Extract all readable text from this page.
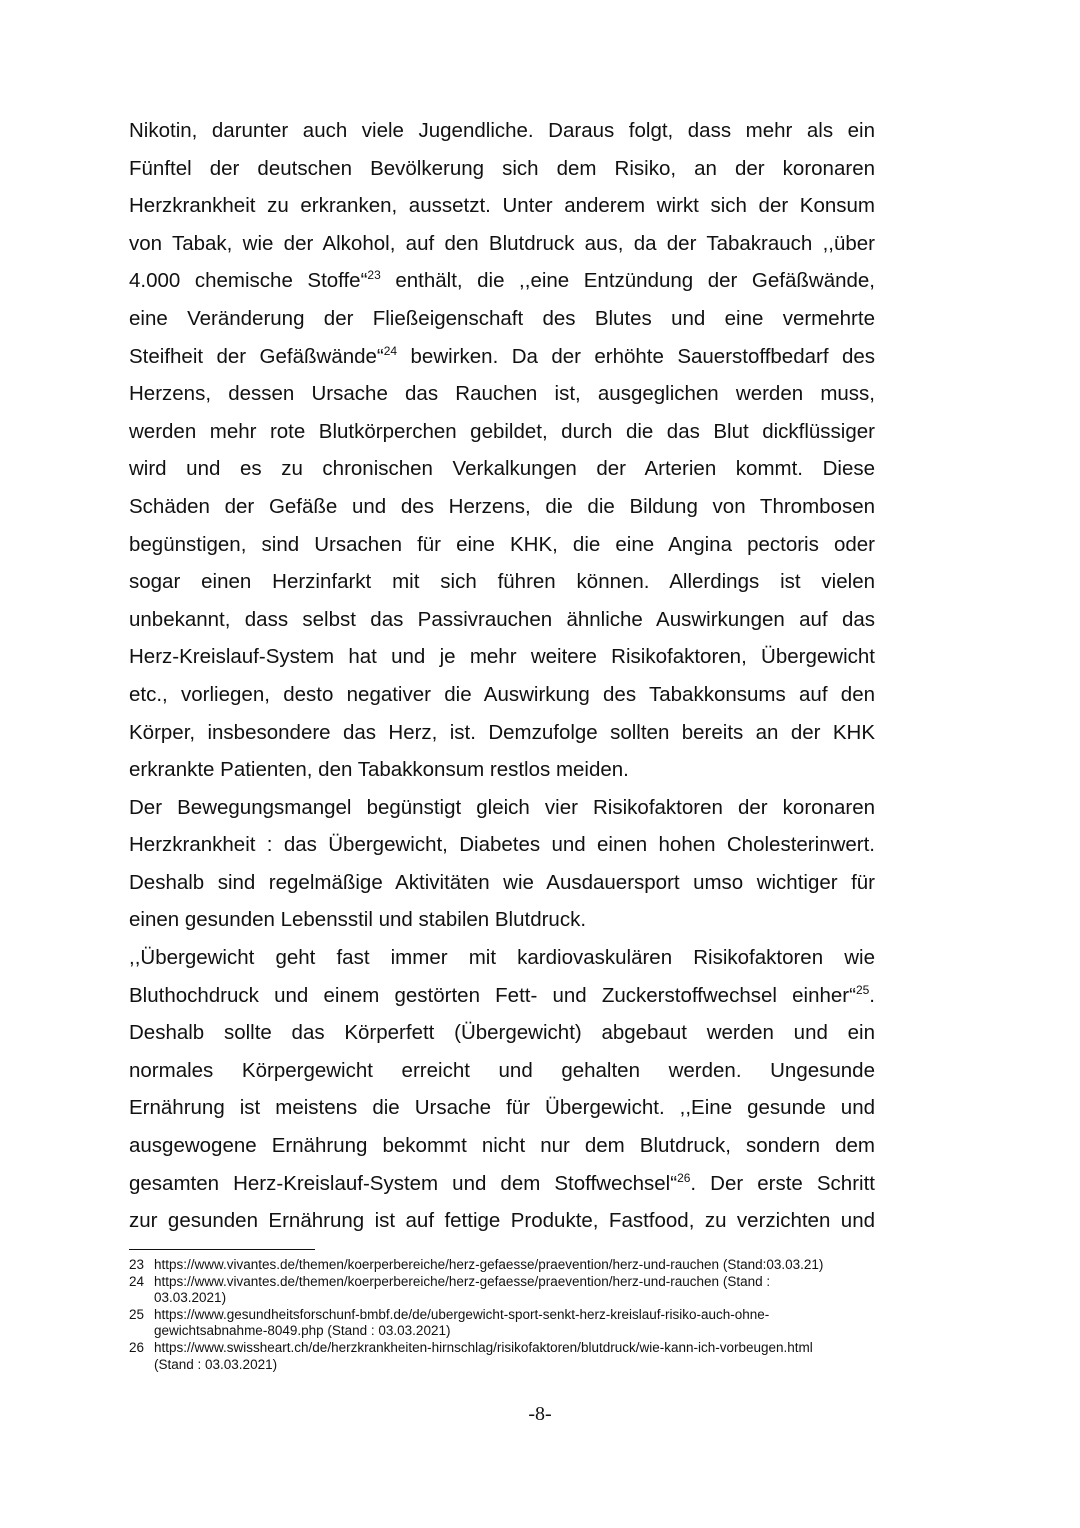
Nikotin, darunter auch viele Jugendliche. Daraus folgt, dass mehr als ein
Fünftel der deutschen Bevölkerung sich dem Risiko, an der koronaren
Herzkrankheit zu erkranken, aussetzt. Unter anderem wirkt sich der Konsum
von Tabak, wie der Alkohol, auf den Blutdruck aus, da der Tabakrauch ,,über
4.000 chemische Stoffe“$^{23}$ enthält, die ,,eine Entzündung der Gefäßwände,
eine Veränderung der Fließeigenschaft des Blutes und eine vermehrte
Steifheit der Gefäßwände“$^{24}$ bewirken. Da der erhöhte Sauerstoffbedarf des
Herzens, dessen Ursache das Rauchen ist, ausgeglichen werden muss,
werden mehr rote Blutkörperchen gebildet, durch die das Blut dickflüssiger
wird und es zu chronischen Verkalkungen der Arterien kommt. Diese
Schäden der Gefäße und des Herzens, die die Bildung von Thrombosen
begünstigen, sind Ursachen für eine KHK, die eine Angina pectoris oder
sogar einen Herzinfarkt mit sich führen können. Allerdings ist vielen
unbekannt, dass selbst das Passivrauchen ähnliche Auswirkungen auf das
Herz-Kreislauf-System hat und je mehr weitere Risikofaktoren, Übergewicht
etc., vorliegen, desto negativer die Auswirkung des Tabakkonsums auf den
Körper, insbesondere das Herz, ist. Demzufolge sollten bereits an der KHK
erkrankte Patienten, den Tabakkonsum restlos meiden.
Der Bewegungsmangel begünstigt gleich vier Risikofaktoren der koronaren
Herzkrankheit : das Übergewicht, Diabetes und einen hohen Cholesterinwert.
Deshalb sind regelmäßige Aktivitäten wie Ausdauersport umso wichtiger für
einen gesunden Lebensstil und stabilen Blutdruck.
,,Übergewicht geht fast immer mit kardiovaskulären Risikofaktoren wie
Bluthochdruck und einem gestörten Fett- und Zuckerstoffwechsel einher“$^{25}$.
Deshalb sollte das Körperfett (Übergewicht) abgebaut werden und ein
normales Körpergewicht erreicht und gehalten werden. Ungesunde
Ernährung ist meistens die Ursache für Übergewicht. ,,Eine gesunde und
ausgewogene Ernährung bekommt nicht nur dem Blutdruck, sondern dem
gesamten Herz-Kreislauf-System und dem Stoffwechsel“$^{26}$. Der erste Schritt
zur gesunden Ernährung ist auf fettige Produkte, Fastfood, zu verzichten und
23 https://www.vivantes.de/themen/koerperbereiche/herz-gefaesse/praevention/herz-und-rauchen (Stand:03.03.21)
24 https://www.vivantes.de/themen/koerperbereiche/herz-gefaesse/praevention/herz-und-rauchen (Stand :
03.03.2021)
25 https://www.gesundheitsforschunf-bmbf.de/de/ubergewicht-sport-senkt-herz-kreislauf-risiko-auch-ohne-
gewichtsabnahme-8049.php (Stand : 03.03.2021)
26 https://www.swissheart.ch/de/herzkrankheiten-hirnschlag/risikofaktoren/blutdruck/wie-kann-ich-vorbeugen.html
(Stand : 03.03.2021)
-8-
